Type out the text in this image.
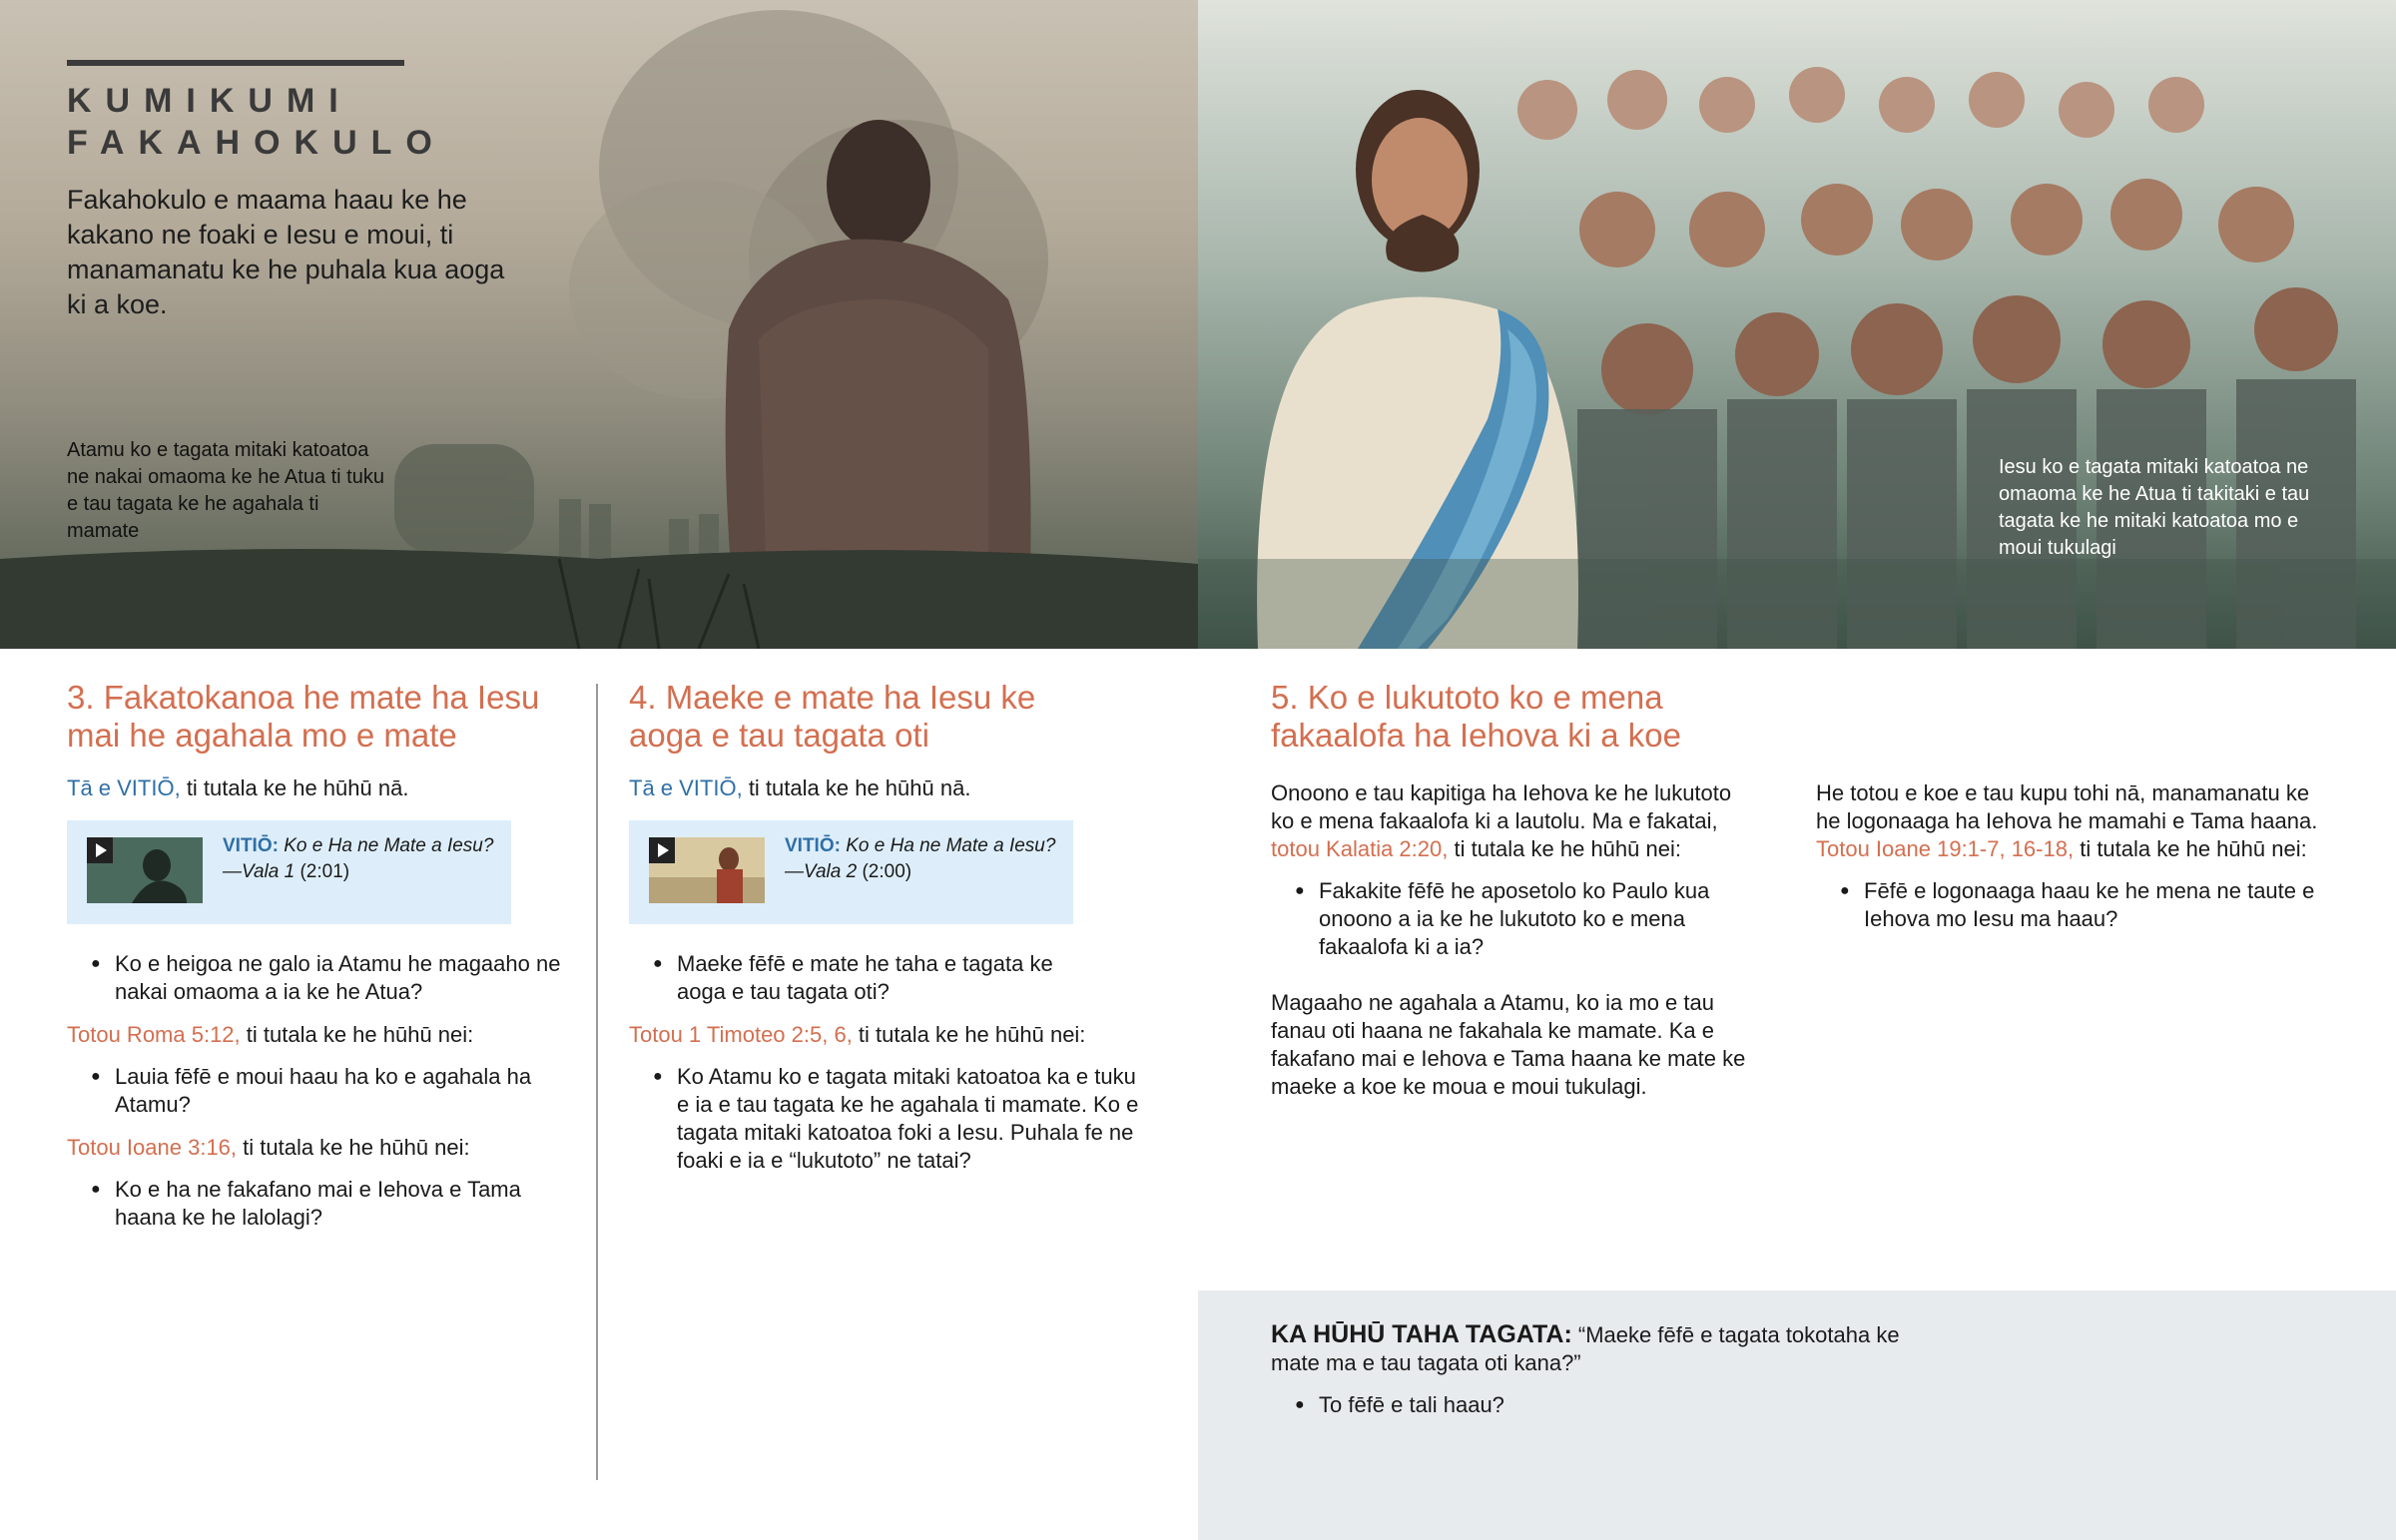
KUMIKUMI
FAKAHOKULO
Fakahokulo e maama haau ke he kakano ne foaki e Iesu e moui, ti manamanatu ke he puhala kua aoga ki a koe.
Atamu ko e tagata mitaki katoatoa ne nakai omaoma ke he Atua ti tuku e tau tagata ke he agahala ti mamate
Iesu ko e tagata mitaki katoatoa ne omaoma ke he Atua ti takitaki e tau tagata ke he mitaki katoatoa mo e moui tukulagi
3. Fakatokanoa he mate ha Iesu mai he agahala mo e mate

Tā e VITIŌ, ti tutala ke he hūhū nā.

VITIŌ: Ko e Ha ne Mate a Iesu?
—Vala 1 (2:01)

● Ko e heigoa ne galo ia Atamu he magaaho ne nakai omaoma a ia ke he Atua?

Totou Roma 5:12, ti tutala ke he hūhū nei:

● Lauia fēfē e moui haau ha ko e agahala ha Atamu?

Totou Ioane 3:16, ti tutala ke he hūhū nei:

● Ko e ha ne fakafano mai e Iehova e Tama haana ke he lalolagi?

4. Maeke e mate ha Iesu ke aoga e tau tagata oti

Tā e VITIŌ, ti tutala ke he hūhū nā.

VITIŌ: Ko e Ha ne Mate a Iesu?
—Vala 2 (2:00)

● Maeke fēfē e mate he taha e tagata ke aoga e tau tagata oti?

Totou 1 Timoteo 2:5, 6, ti tutala ke he hūhū nei:

● Ko Atamu ko e tagata mitaki katoatoa ka e tuku e ia e tau tagata ke he agahala ti mamate. Ko e tagata mitaki katoatoa foki a Iesu. Puhala fe ne foaki e ia e “lukutoto” ne tatai?

5. Ko e lukutoto ko e mena fakaalofa ha Iehova ki a koe

Onoono e tau kapitiga ha Iehova ke he lukutoto ko e mena fakaalofa ki a lautolu. Ma e fakatai, totou Kalatia 2:20, ti tutala ke he hūhū nei:

● Fakakite fēfē he aposetolo ko Paulo kua onoono a ia ke he lukutoto ko e mena fakaalofa ki a ia?

Magaaho ne agahala a Atamu, ko ia mo e tau fanau oti haana ne fakahala ke mamate. Ka e fakafano mai e Iehova e Tama haana ke mate ke maeke a koe ke moua e moui tukulagi.

He totou e koe e tau kupu tohi nā, manamanatu ke he logonaaga ha Iehova he mamahi e Tama haana. Totou Ioane 19:1-7, 16-18, ti tutala ke he hūhū nei:

● Fēfē e logonaaga haau ke he mena ne taute e Iehova mo Iesu ma haau?

KA HŪHŪ TAHA TAGATA: “Maeke fēfē e tagata tokotaha ke mate ma e tau tagata oti kana?”

● To fēfē e tali haau?
